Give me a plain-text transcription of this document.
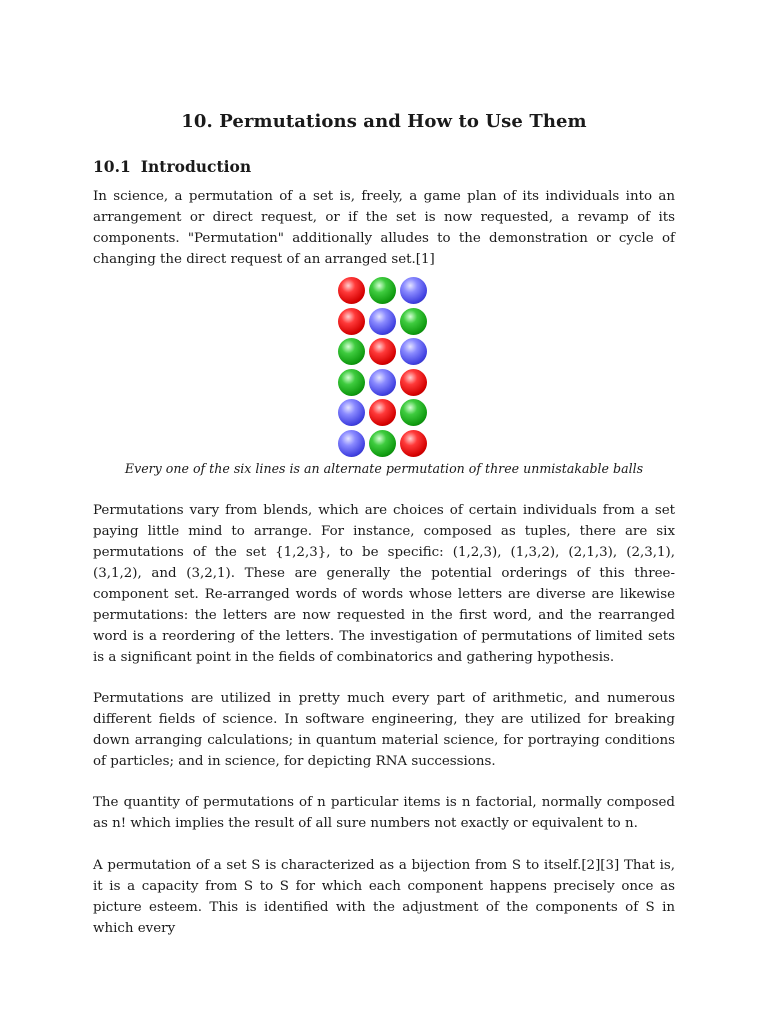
10. Permutations and How to Use Them
10.1 Introduction

In science, a permutation of a set is, freely, a game plan of its individuals into an arrangement or direct request, or if the set is now requested, a revamp of its components. "Permutation" additionally alludes to the demonstration or cycle of changing the direct request of an arranged set.[1]

Every one of the six lines is an alternate permutation of three unmistakable balls

Permutations vary from blends, which are choices of certain individuals from a set paying little mind to arrange. For instance, composed as tuples, there are six permutations of the set {1,2,3}, to be specific: (1,2,3), (1,3,2), (2,1,3), (2,3,1), (3,1,2), and (3,2,1). These are generally the potential orderings of this three-component set. Re-arranged words of words whose letters are diverse are likewise permutations: the letters are now requested in the first word, and the rearranged word is a reordering of the letters. The investigation of permutations of limited sets is a significant point in the fields of combinatorics and gathering hypothesis.

Permutations are utilized in pretty much every part of arithmetic, and numerous different fields of science. In software engineering, they are utilized for breaking down arranging calculations; in quantum material science, for portraying conditions of particles; and in science, for depicting RNA successions.

The quantity of permutations of n particular items is n factorial, normally composed as n! which implies the result of all sure numbers not exactly or equivalent to n.

A permutation of a set S is characterized as a bijection from S to itself.[2][3] That is, it is a capacity from S to S for which each component happens precisely once as picture esteem. This is identified with the adjustment of the components of S in which every
